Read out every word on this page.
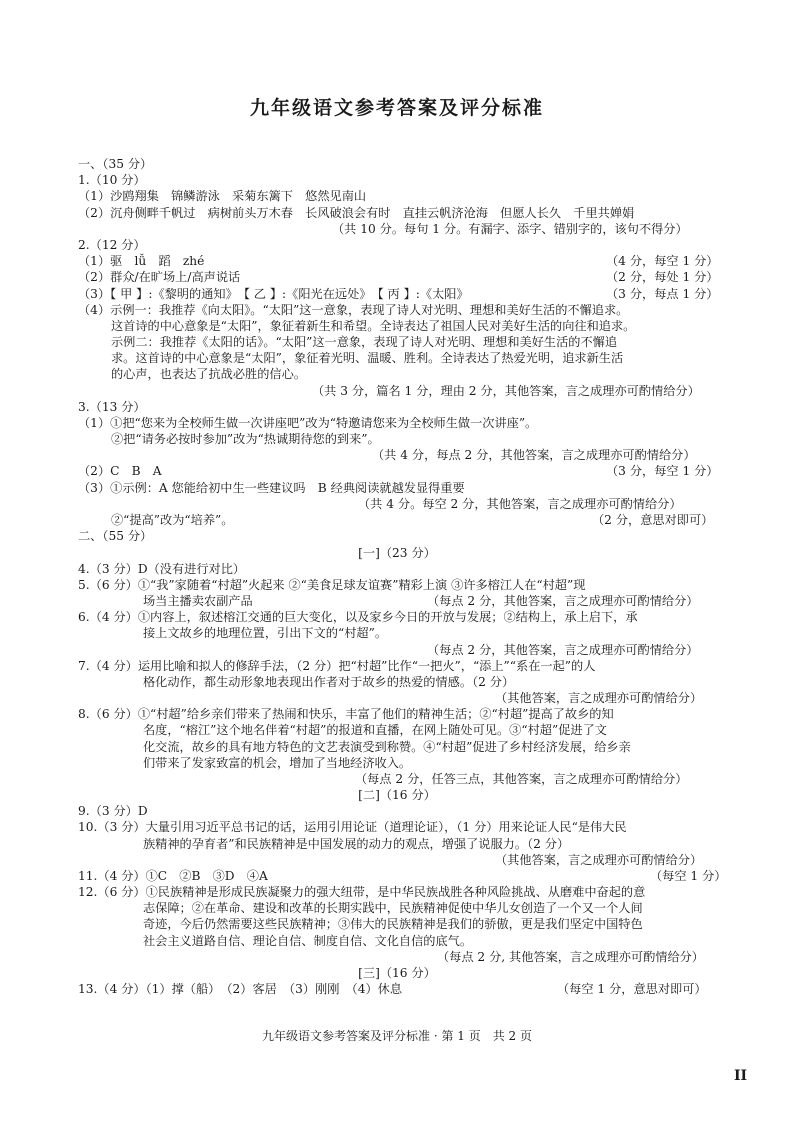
九年级语文参考答案及评分标准
一、（35 分）
1.（10 分）
（1）沙鸥翔集　锦鳞游泳　采菊东篱下　悠然见南山
（2）沉舟侧畔千帆过　病树前头万木春　长风破浪会有时　直挂云帆济沧海　但愿人长久　千里共婵娟
（共 10 分。每句 1 分。有漏字、添字、错别字的，该句不得分）
2.（12 分）
（1）驱　lǚ　蹈　zhé	（4 分，每空 1 分）
（2）群众/在旷场上/高声说话	（2 分，每处 1 分）
（3）【 甲 】:《黎明的通知》　【 乙 】:《阳光在远处》　【 丙 】:《太阳》	（3 分，每点 1 分）
（4）示例一：我推荐《向太阳》。“太阳”这一意象，表现了诗人对光明、理想和美好生活的不懈追求。
这首诗的中心意象是“太阳”，象征着新生和希望。全诗表达了祖国人民对美好生活的向往和追求。
示例二：我推荐《太阳的话》。“太阳”这一意象，表现了诗人对光明、理想和美好生活的不懈追
求。这首诗的中心意象是“太阳”，象征着光明、温暖、胜利。全诗表达了热爱光明，追求新生活
的心声，也表达了抗战必胜的信心。
（共 3 分，篇名 1 分，理由 2 分，其他答案，言之成理亦可酌情给分）
3.（13 分）
（1）①把“您来为全校师生做一次讲座吧”改为“特邀请您来为全校师生做一次讲座”。
②把“请务必按时参加”改为“热诚期待您的到来”。
（共 4 分，每点 2 分，其他答案，言之成理亦可酌情给分）
（2）C　B　A	（3 分，每空 1 分）
（3）①示例：A 您能给初中生一些建议吗　B 经典阅读就越发显得重要
（共 4 分。每空 2 分，其他答案，言之成理亦可酌情给分）
②“提高”改为“培养”。	（2 分，意思对即可）
二、（55 分）
[一]（23 分）
4.（3 分）D（没有进行对比）
5.（6 分）①“我”家随着“村超”火起来 ②“美食足球友谊赛”精彩上演 ③许多榕江人在“村超”现
场当主播卖农副产品	（每点 2 分，其他答案，言之成理亦可酌情给分）
6.（4 分）①内容上，叙述榕江交通的巨大变化，以及家乡今日的开放与发展；②结构上，承上启下，承
接上文故乡的地理位置，引出下文的“村超”。
（每点 2 分，其他答案，言之成理亦可酌情给分）
7.（4 分）运用比喻和拟人的修辞手法，（2 分）把“村超”比作“一把火”，“添上”“系在一起”的人
格化动作，都生动形象地表现出作者对于故乡的热爱的情感。（2 分）
（其他答案，言之成理亦可酌情给分）
8.（6 分）①“村超”给乡亲们带来了热闹和快乐，丰富了他们的精神生活；②“村超”提高了故乡的知
名度，“榕江”这个地名伴着“村超”的报道和直播，在网上随处可见。③“村超”促进了文
化交流，故乡的具有地方特色的文艺表演受到称赞。④“村超”促进了乡村经济发展，给乡亲
们带来了发家致富的机会，增加了当地经济收入。
（每点 2 分，任答三点，其他答案，言之成理亦可酌情给分）
[二]（16 分）
9.（3 分）D
10.（3 分）大量引用习近平总书记的话，运用引用论证（道理论证），（1 分）用来论证人民“是伟大民
族精神的孕育者”和民族精神是中国发展的动力的观点，增强了说服力。（2 分）
（其他答案，言之成理亦可酌情给分）
11.（4 分）①C　②B　③D　④A	（每空 1 分）
12.（6 分）①民族精神是形成民族凝聚力的强大纽带，是中华民族战胜各种风险挑战、从磨难中奋起的意
志保障；②在革命、建设和改革的长期实践中，民族精神促使中华儿女创造了一个又一个人间
奇迹，今后仍然需要这些民族精神；③伟大的民族精神是我们的骄傲，更是我们坚定中国特色
社会主义道路自信、理论自信、制度自信、文化自信的底气。
（每点 2 分, 其他答案，言之成理亦可酌情给分）
[三]（16 分）
13.（4 分）（1）撑（船）　（2）客居　（3）刚刚　（4）休息	（每空 1 分，意思对即可）
九年级语文参考答案及评分标准 · 第 1 页　共 2 页
II
